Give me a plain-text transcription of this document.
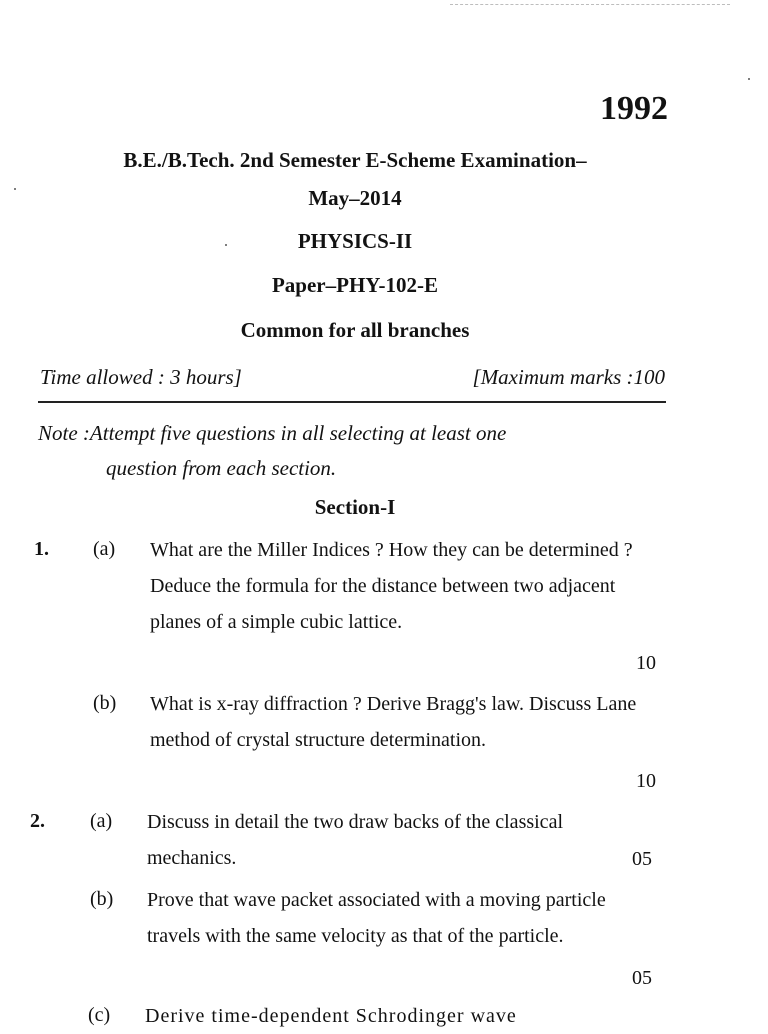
1992
B.E./B.Tech. 2nd Semester E-Scheme Examination–
May–2014
PHYSICS-II
Paper–PHY-102-E
Common for all branches
Time allowed : 3 hours]	[Maximum marks :100
Note :Attempt five questions in all selecting at least one
question from each section.
Section-I
1. (a) What are the Miller Indices ? How they can be determined ? Deduce the formula for the distance between two adjacent planes of a simple cubic lattice.
10
(b) What is x-ray diffraction ? Derive Bragg's law. Discuss Lane method of crystal structure determination.
10
2. (a) Discuss in detail the two draw backs of the classical mechanics.	05
(b) Prove that wave packet associated with a moving particle travels with the same velocity as that of the particle.
05
(c) Derive time-dependent Schrodinger wave
